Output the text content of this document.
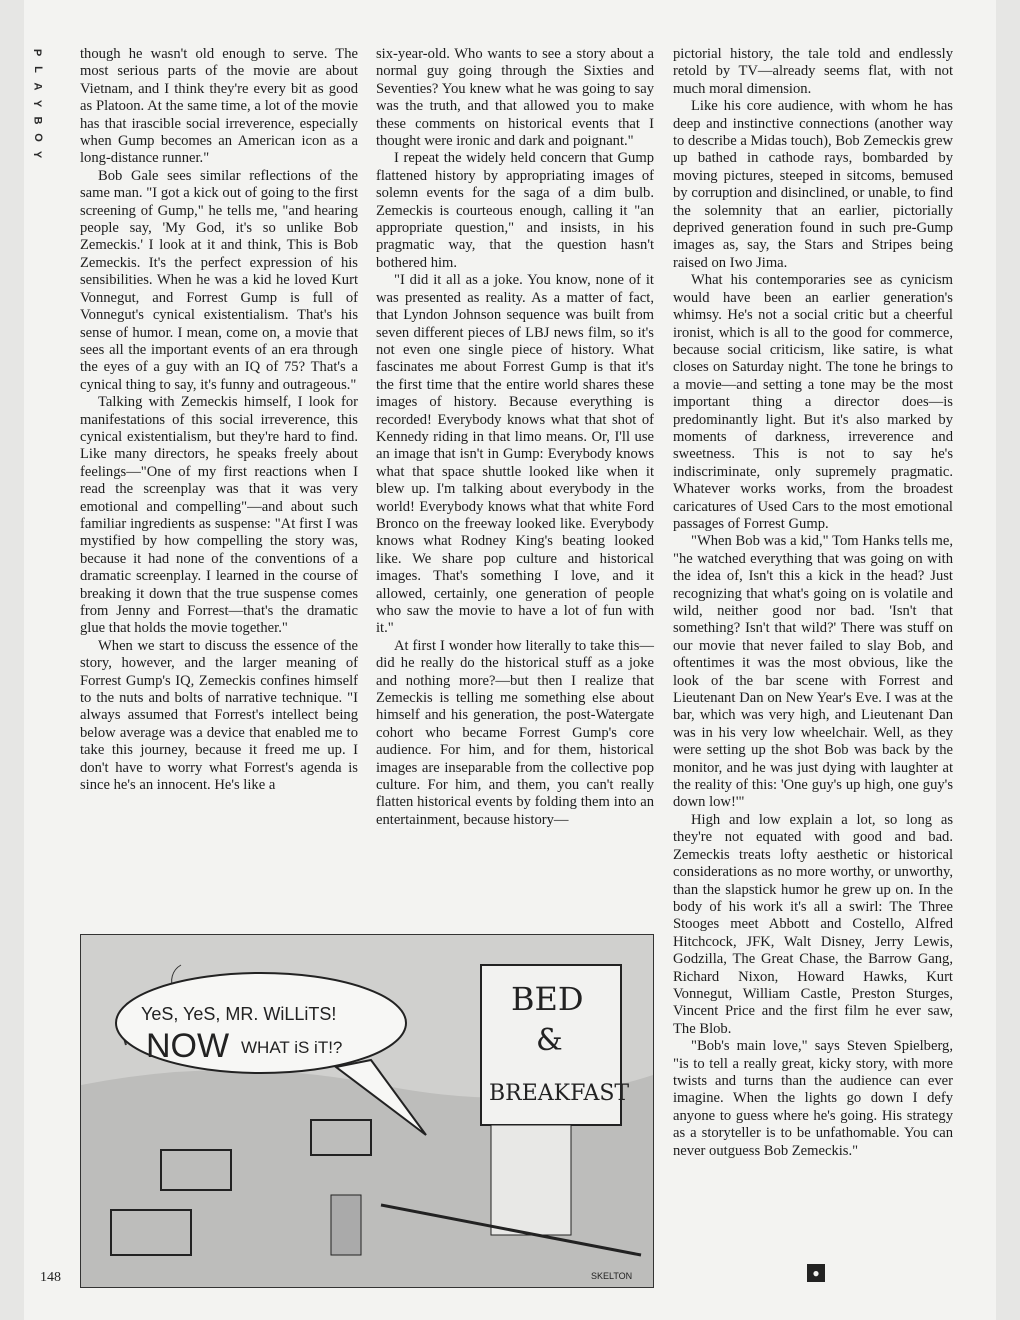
P
L
A
Y
B
O
Y

though he wasn't old enough to serve. The most serious parts of the movie are about Vietnam, and I think they're every bit as good as Platoon. At the same time, a lot of the movie has that irascible social irreverence, especially when Gump becomes an American icon as a long-distance runner."

Bob Gale sees similar reflections of the same man. "I got a kick out of going to the first screening of Gump," he tells me, "and hearing people say, 'My God, it's so unlike Bob Zemeckis.' I look at it and think, This is Bob Zemeckis. It's the perfect expression of his sensibilities. When he was a kid he loved Kurt Vonnegut, and Forrest Gump is full of Vonnegut's cynical existentialism. That's his sense of humor. I mean, come on, a movie that sees all the important events of an era through the eyes of a guy with an IQ of 75? That's a cynical thing to say, it's funny and outrageous."

Talking with Zemeckis himself, I look for manifestations of this social irreverence, this cynical existentialism, but they're hard to find. Like many directors, he speaks freely about feelings—"One of my first reactions when I read the screenplay was that it was very emotional and compelling"—and about such familiar ingredients as suspense: "At first I was mystified by how compelling the story was, because it had none of the conventions of a dramatic screenplay. I learned in the course of breaking it down that the true suspense comes from Jenny and Forrest—that's the dramatic glue that holds the movie together."

When we start to discuss the essence of the story, however, and the larger meaning of Forrest Gump's IQ, Zemeckis confines himself to the nuts and bolts of narrative technique. "I always assumed that Forrest's intellect being below average was a device that enabled me to take this journey, because it freed me up. I don't have to worry what Forrest's agenda is since he's an innocent. He's like a

six-year-old. Who wants to see a story about a normal guy going through the Sixties and Seventies? You knew what he was going to say was the truth, and that allowed you to make these comments on historical events that I thought were ironic and dark and poignant."

I repeat the widely held concern that Gump flattened history by appropriating images of solemn events for the saga of a dim bulb. Zemeckis is courteous enough, calling it "an appropriate question," and insists, in his pragmatic way, that the question hasn't bothered him.

"I did it all as a joke. You know, none of it was presented as reality. As a matter of fact, that Lyndon Johnson sequence was built from seven different pieces of LBJ news film, so it's not even one single piece of history. What fascinates me about Forrest Gump is that it's the first time that the entire world shares these images of history. Because everything is recorded! Everybody knows what that shot of Kennedy riding in that limo means. Or, I'll use an image that isn't in Gump: Everybody knows what that space shuttle looked like when it blew up. I'm talking about everybody in the world! Everybody knows what that white Ford Bronco on the freeway looked like. Everybody knows what Rodney King's beating looked like. We share pop culture and historical images. That's something I love, and it allowed, certainly, one generation of people who saw the movie to have a lot of fun with it."

At first I wonder how literally to take this—did he really do the historical stuff as a joke and nothing more?—but then I realize that Zemeckis is telling me something else about himself and his generation, the post-Watergate cohort who became Forrest Gump's core audience. For him, and for them, historical images are inseparable from the collective pop culture. For him, and them, you can't really flatten historical events by folding them into an entertainment, because history—

pictorial history, the tale told and endlessly retold by TV—already seems flat, with not much moral dimension.

Like his core audience, with whom he has deep and instinctive connections (another way to describe a Midas touch), Bob Zemeckis grew up bathed in cathode rays, bombarded by moving pictures, steeped in sitcoms, bemused by corruption and disinclined, or unable, to find the solemnity that an earlier, pictorially deprived generation found in such pre-Gump images as, say, the Stars and Stripes being raised on Iwo Jima.

What his contemporaries see as cynicism would have been an earlier generation's whimsy. He's not a social critic but a cheerful ironist, which is all to the good for commerce, because social criticism, like satire, is what closes on Saturday night. The tone he brings to a movie—and setting a tone may be the most important thing a director does—is predominantly light. But it's also marked by moments of darkness, irreverence and sweetness. This is not to say he's indiscriminate, only supremely pragmatic. Whatever works works, from the broadest caricatures of Used Cars to the most emotional passages of Forrest Gump.

"When Bob was a kid," Tom Hanks tells me, "he watched everything that was going on with the idea of, Isn't this a kick in the head? Just recognizing that what's going on is volatile and wild, neither good nor bad. 'Isn't that something? Isn't that wild?' There was stuff on our movie that never failed to slay Bob, and oftentimes it was the most obvious, like the look of the bar scene with Forrest and Lieutenant Dan on New Year's Eve. I was at the bar, which was very high, and Lieutenant Dan was in his very low wheelchair. Well, as they were setting up the shot Bob was back by the monitor, and he was just dying with laughter at the reality of this: 'One guy's up high, one guy's down low!'"

High and low explain a lot, so long as they're not equated with good and bad. Zemeckis treats lofty aesthetic or historical considerations as no more worthy, or unworthy, than the slapstick humor he grew up on. In the body of his work it's all a swirl: The Three Stooges meet Abbott and Costello, Alfred Hitchcock, JFK, Walt Disney, Jerry Lewis, Godzilla, The Great Chase, the Barrow Gang, Richard Nixon, Howard Hawks, Kurt Vonnegut, William Castle, Preston Sturges, Vincent Price and the first film he ever saw, The Blob.

"Bob's main love," says Steven Spielberg, "is to tell a really great, kicky story, with more twists and turns than the audience can ever imagine. When the lights go down I defy anyone to guess where he's going. His strategy as a storyteller is to be unfathomable. You can never outguess Bob Zemeckis."

YeS, YeS, MR. WiLLiTS!
NOW WHAT iS iT!?
BED
&
BREAKFAST
SKELTON
148	●
